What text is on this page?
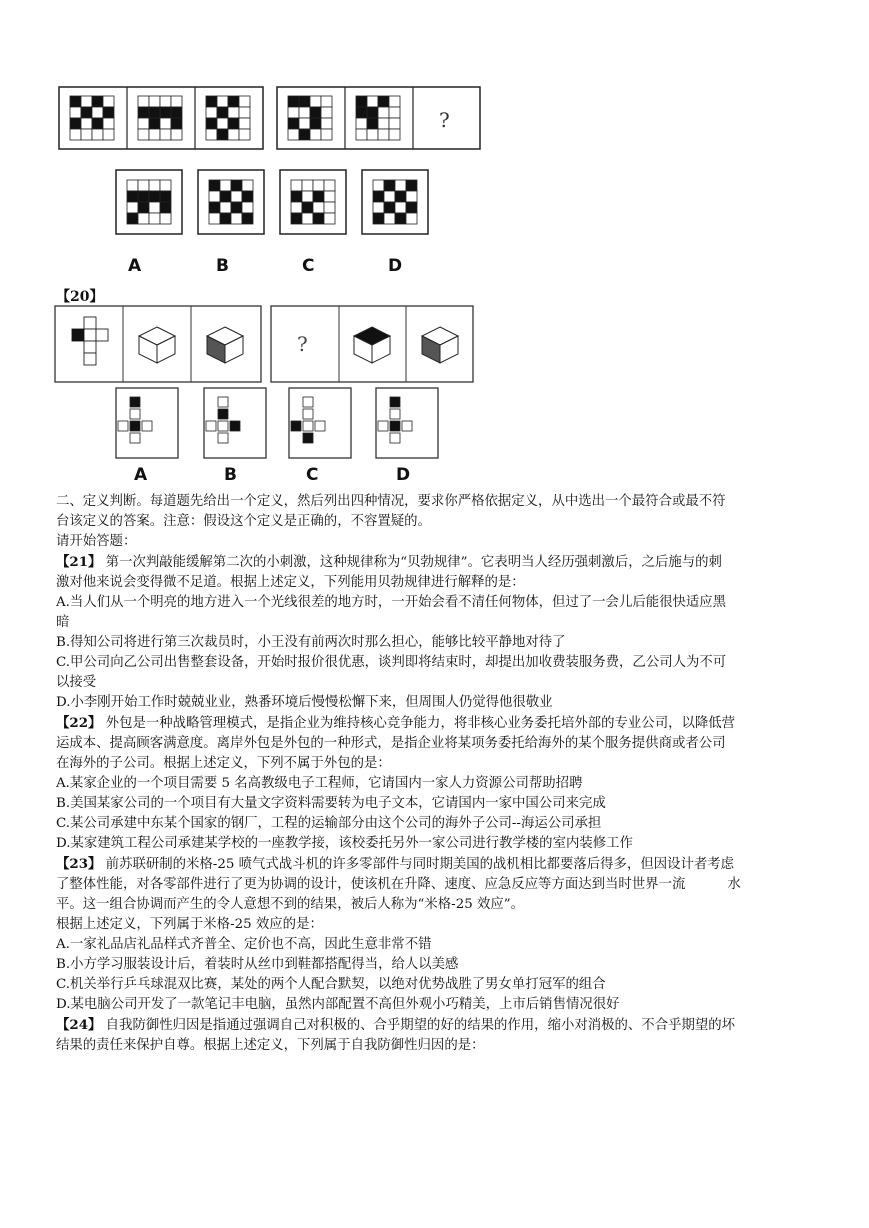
?
A	B	C	D
【20】
?
A	B	C	D

二、定义判断。每道题先给出一个定义，然后列出四种情况，要求你严格依据定义，从中选出一个最符合或最不符

台该定义的答案。注意：假设这个定义是正确的，不容置疑的。

请开始答题：

【21】 第一次判敲能缓解第二次的小刺激，这种规律称为“贝勃规律”。它表明当人经历强刺激后，之后施与的刺

激对他来说会变得微不足道。根据上述定义，下列能用贝勃规律进行解释的是：

A.当人们从一个明亮的地方进入一个光线很差的地方时，一开始会看不清任何物体，但过了一会儿后能很快适应黑

暗

B.得知公司将进行第三次裁员时，小王没有前两次时那么担心，能够比较平静地对待了

C.甲公司向乙公司出售整套设备，开始时报价很优惠，谈判即将结束时，却提出加收费装服务费，乙公司人为不可

以接受

D.小李刚开始工作时兢兢业业，熟番环境后慢慢松懈下来，但周围人仍觉得他很敬业

【22】 外包是一种战略管理模式，是指企业为维持核心竞争能力，将非核心业务委托培外部的专业公司，以降低营

运成本、提高顾客满意度。离岸外包是外包的一种形式，是指企业将某项务委托给海外的某个服务提供商或者公司

在海外的子公司。根据上述定义，下列不属于外包的是：

A.某家企业的一个项目需要 5 名高教级电子工程师，它请国内一家人力资源公司帮助招聘

B.美国某家公司的一个项目有大量文字资料需要转为电子文本，它请国内一家中国公司来完成

C.某公司承建中东某个国家的钢厂，工程的运输部分由这个公司的海外子公司--海运公司承担

D.某家建筑工程公司承建某学校的一座教学接，该校委托另外一家公司进行教学楼的室内装修工作

【23】 前苏联研制的米格-25 喷气式战斗机的许多零部件与同时期美国的战机相比都要落后得多，但因设计者考虑

了整体性能，对各零部件进行了更为协调的设计，使该机在升降、速度、应急反应等方面达到当时世界一流	水

平。这一组合协调而产生的令人意想不到的结果，被后人称为“米格-25 效应”。

根据上述定义，下列属于米格-25 效应的是：

A.一家礼品店礼品样式齐普全、定价也不高，因此生意非常不错

B.小方学习服装设计后，着装时从丝巾到鞋都搭配得当，给人以美感

C.机关举行乒乓球混双比赛，某处的两个人配合默契，以绝对优势战胜了男女单打冠军的组合

D.某电脑公司开发了一款笔记丰电脑，虽然内部配置不高但外观小巧精美，上市后销售情况很好

【24】 自我防御性归因是指通过强调自己对积极的、合乎期望的好的结果的作用，缩小对消极的、不合乎期望的坏

结果的责任来保护自尊。根据上述定义，下列属于自我防御性归因的是：
